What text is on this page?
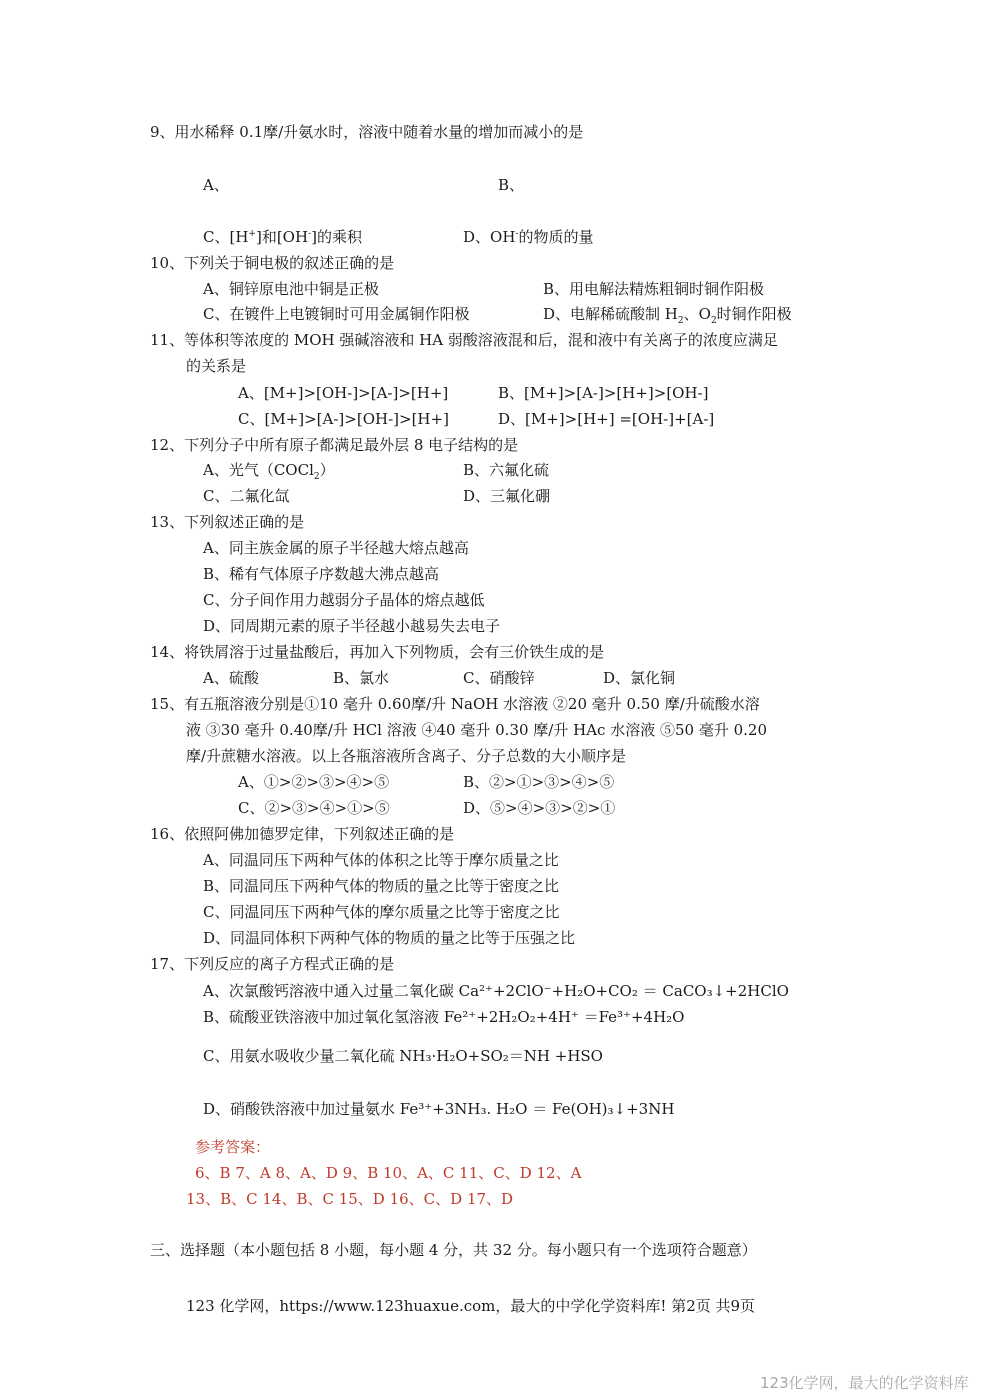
9、用水稀释 0.1摩/升氨水时，溶液中随着水量的增加而减小的是
A、	B、
C、[H+]和[OH-]的乘积	D、OH-的物质的量
10、下列关于铜电极的叙述正确的是
A、铜锌原电池中铜是正极	B、用电解法精炼粗铜时铜作阳极
C、在镀件上电镀铜时可用金属铜作阳极	D、电解稀硫酸制 $H_2$、$O_2$时铜作阳极
11、等体积等浓度的 MOH 强碱溶液和 HA 弱酸溶液混和后，混和液中有关离子的浓度应满足
的关系是
A、[M+]>[OH-]>[A-]>[H+]	B、[M+]>[A-]>[H+]>[OH-]
C、[M+]>[A-]>[OH-]>[H+]	D、[M+]>[H+] =[OH-]+[A-]
12、下列分子中所有原子都满足最外层 8 电子结构的是
A、光气（COCl$_2$）	B、六氟化硫
C、二氟化氙	D、三氟化硼
13、下列叙述正确的是
A、同主族金属的原子半径越大熔点越高
B、稀有气体原子序数越大沸点越高
C、分子间作用力越弱分子晶体的熔点越低
D、同周期元素的原子半径越小越易失去电子
14、将铁屑溶于过量盐酸后，再加入下列物质，会有三价铁生成的是
A、硫酸	B、氯水	C、硝酸锌	D、氯化铜
15、有五瓶溶液分别是①10 毫升 0.60摩/升 NaOH 水溶液 ②20 毫升 0.50 摩/升硫酸水溶
液 ③30 毫升 0.40摩/升 HCl 溶液 ④40 毫升 0.30 摩/升 HAc 水溶液 ⑤50 毫升 0.20
摩/升蔗糖水溶液。以上各瓶溶液所含离子、分子总数的大小顺序是
A、①>②>③>④>⑤	B、②>①>③>④>⑤
C、②>③>④>①>⑤	D、⑤>④>③>②>①
16、依照阿佛加德罗定律，下列叙述正确的是
A、同温同压下两种气体的体积之比等于摩尔质量之比
B、同温同压下两种气体的物质的量之比等于密度之比
C、同温同压下两种气体的摩尔质量之比等于密度之比
D、同温同体积下两种气体的物质的量之比等于压强之比
17、下列反应的离子方程式正确的是
A、次氯酸钙溶液中通入过量二氧化碳 Ca²⁺+2ClO⁻+H₂O+CO₂ ＝ CaCO₃↓+2HClO
B、硫酸亚铁溶液中加过氧化氢溶液 Fe²⁺+2H₂O₂+4H⁺ ＝Fe³⁺+4H₂O
C、用氨水吸收少量二氧化硫 NH₃·H₂O+SO₂＝NH +HSO
D、硝酸铁溶液中加过量氨水 Fe³⁺+3NH₃. H₂O ＝ Fe(OH)₃↓+3NH
参考答案：
6、B 7、A 8、A、D 9、B 10、A、C 11、C、D 12、A
13、B、C 14、B、C 15、D 16、C、D 17、D
三、选择题（本小题包括 8 小题，每小题 4 分，共 32 分。每小题只有一个选项符合题意）
123 化学网，https://www.123huaxue.com，最大的中学化学资料库! 第2页 共9页
123化学网，最大的化学资料库
